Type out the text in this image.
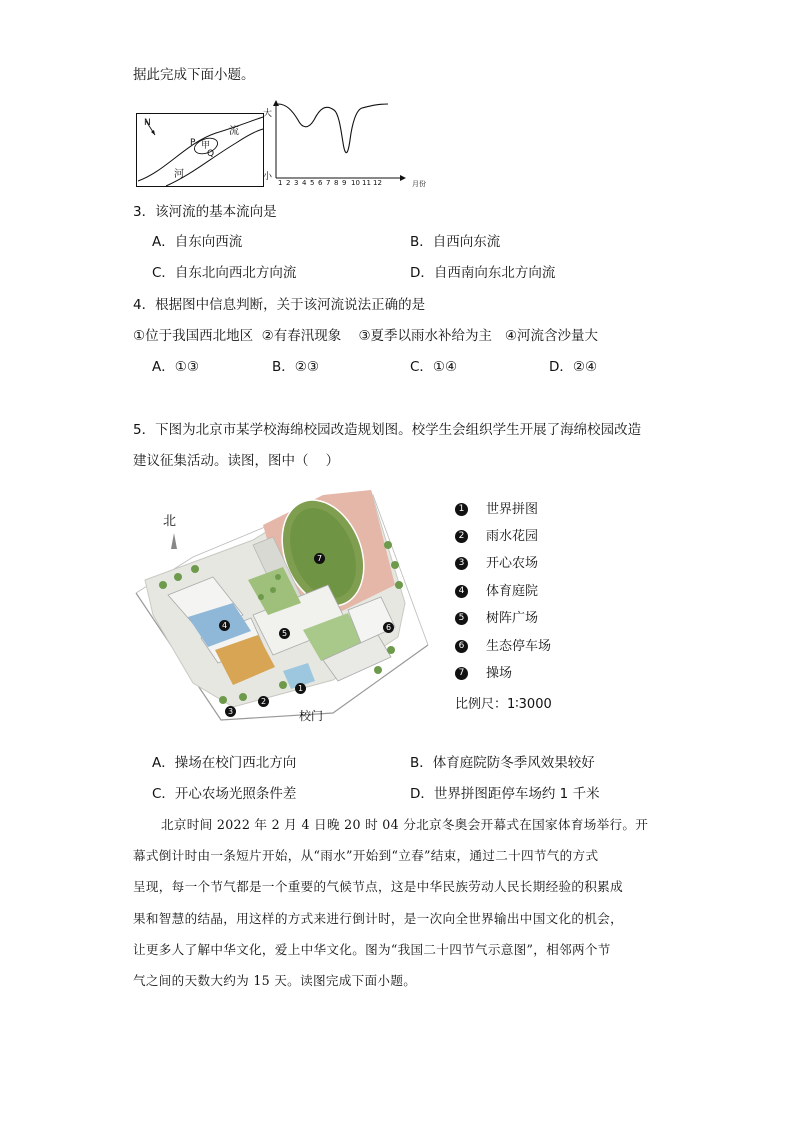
据此完成下面小题。
N
P 甲
Q
流
河
大
小
1 2 3 4 5 6 7 8 9 10 11 12	月份
3．该河流的基本流向是
A．自东向西流	B．自西向东流
C．自东北向西北方向流	D．自西南向东北方向流
4．根据图中信息判断，关于该河流说法正确的是
①位于我国西北地区  ②有春汛现象    ③夏季以雨水补给为主   ④河流含沙量大
A．①③	B．②③	C．①④	D．②④
5．下图为北京市某学校海绵校园改造规划图。校学生会组织学生开展了海绵校园改造
建议征集活动。读图，图中（    ）
北
校门
1
2
3
4
5
6
7
1 世界拼图
2 雨水花园
3 开心农场
4 体育庭院
5 树阵广场
6 生态停车场
7 操场
比例尺：1∶3000
A．操场在校门西北方向	B．体育庭院防冬季风效果较好
C．开心农场光照条件差	D．世界拼图距停车场约 1 千米
北京时间 2022 年 2 月 4 日晚 20 时 04 分北京冬奥会开幕式在国家体育场举行。开
幕式倒计时由一条短片开始，从“雨水”开始到“立春”结束，通过二十四节气的方式
呈现，每一个节气都是一个重要的气候节点，这是中华民族劳动人民长期经验的积累成
果和智慧的结晶，用这样的方式来进行倒计时，是一次向全世界输出中国文化的机会，
让更多人了解中华文化，爱上中华文化。图为“我国二十四节气示意图”，相邻两个节
气之间的天数大约为 15 天。读图完成下面小题。
